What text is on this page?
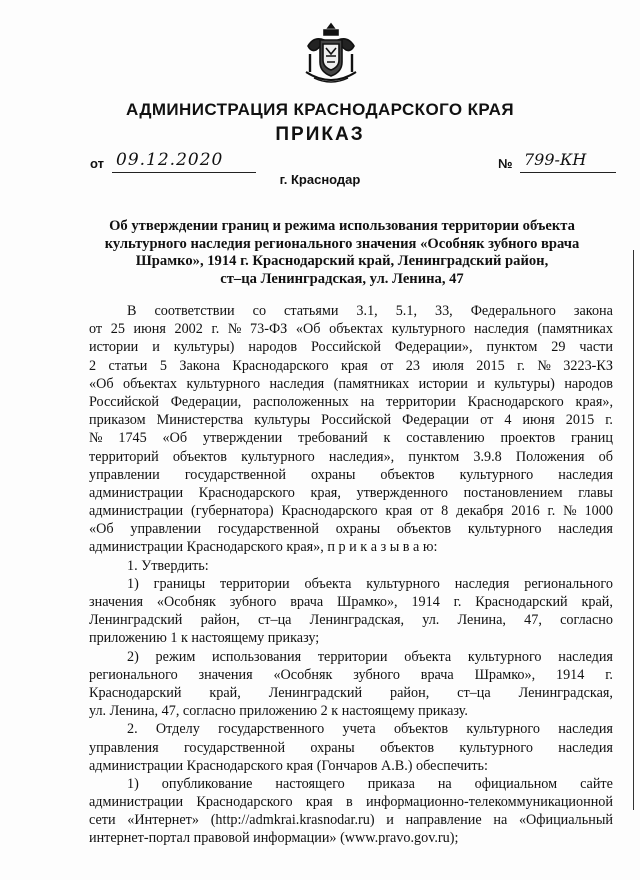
АДМИНИСТРАЦИЯ КРАСНОДАРСКОГО КРАЯ
ПРИКАЗ
от 09.12.2020	№ 799-КН
г. Краснодар
Об утверждении границ и режима использования территории объекта
культурного наследия регионального значения «Особняк зубного врача
Шрамко», 1914 г. Краснодарский край, Ленинградский район,
ст–ца Ленинградская, ул. Ленина, 47
В соответствии со статьями 3.1, 5.1, 33, Федерального закона
от 25 июня 2002 г. № 73-ФЗ «Об объектах культурного наследия (памятниках
истории и культуры) народов Российской Федерации», пунктом 29 части
2 статьи 5 Закона Краснодарского края от 23 июля 2015 г. № 3223-КЗ
«Об объектах культурного наследия (памятниках истории и культуры) народов
Российской Федерации, расположенных на территории Краснодарского края»,
приказом Министерства культуры Российской Федерации от 4 июня 2015 г.
№ 1745 «Об утверждении требований к составлению проектов границ
территорий объектов культурного наследия», пунктом 3.9.8 Положения об
управлении государственной охраны объектов культурного наследия
администрации Краснодарского края, утвержденного постановлением главы
администрации (губернатора) Краснодарского края от 8 декабря 2016 г. № 1000
«Об управлении государственной охраны объектов культурного наследия
администрации Краснодарского края», п р и к а з ы в а ю:
1. Утвердить:
1) границы территории объекта культурного наследия регионального
значения «Особняк зубного врача Шрамко», 1914 г. Краснодарский край,
Ленинградский район, ст–ца Ленинградская, ул. Ленина, 47, согласно
приложению 1 к настоящему приказу;
2) режим использования территории объекта культурного наследия
регионального значения «Особняк зубного врача Шрамко», 1914 г.
Краснодарский край, Ленинградский район, ст–ца Ленинградская,
ул. Ленина, 47, согласно приложению 2 к настоящему приказу.
2. Отделу государственного учета объектов культурного наследия
управления государственной охраны объектов культурного наследия
администрации Краснодарского края (Гончаров А.В.) обеспечить:
1) опубликование настоящего приказа на официальном сайте
администрации Краснодарского края в информационно-телекоммуникационной
сети «Интернет» (http://admkrai.krasnodar.ru) и направление на «Официальный
интернет-портал правовой информации» (www.pravo.gov.ru);
